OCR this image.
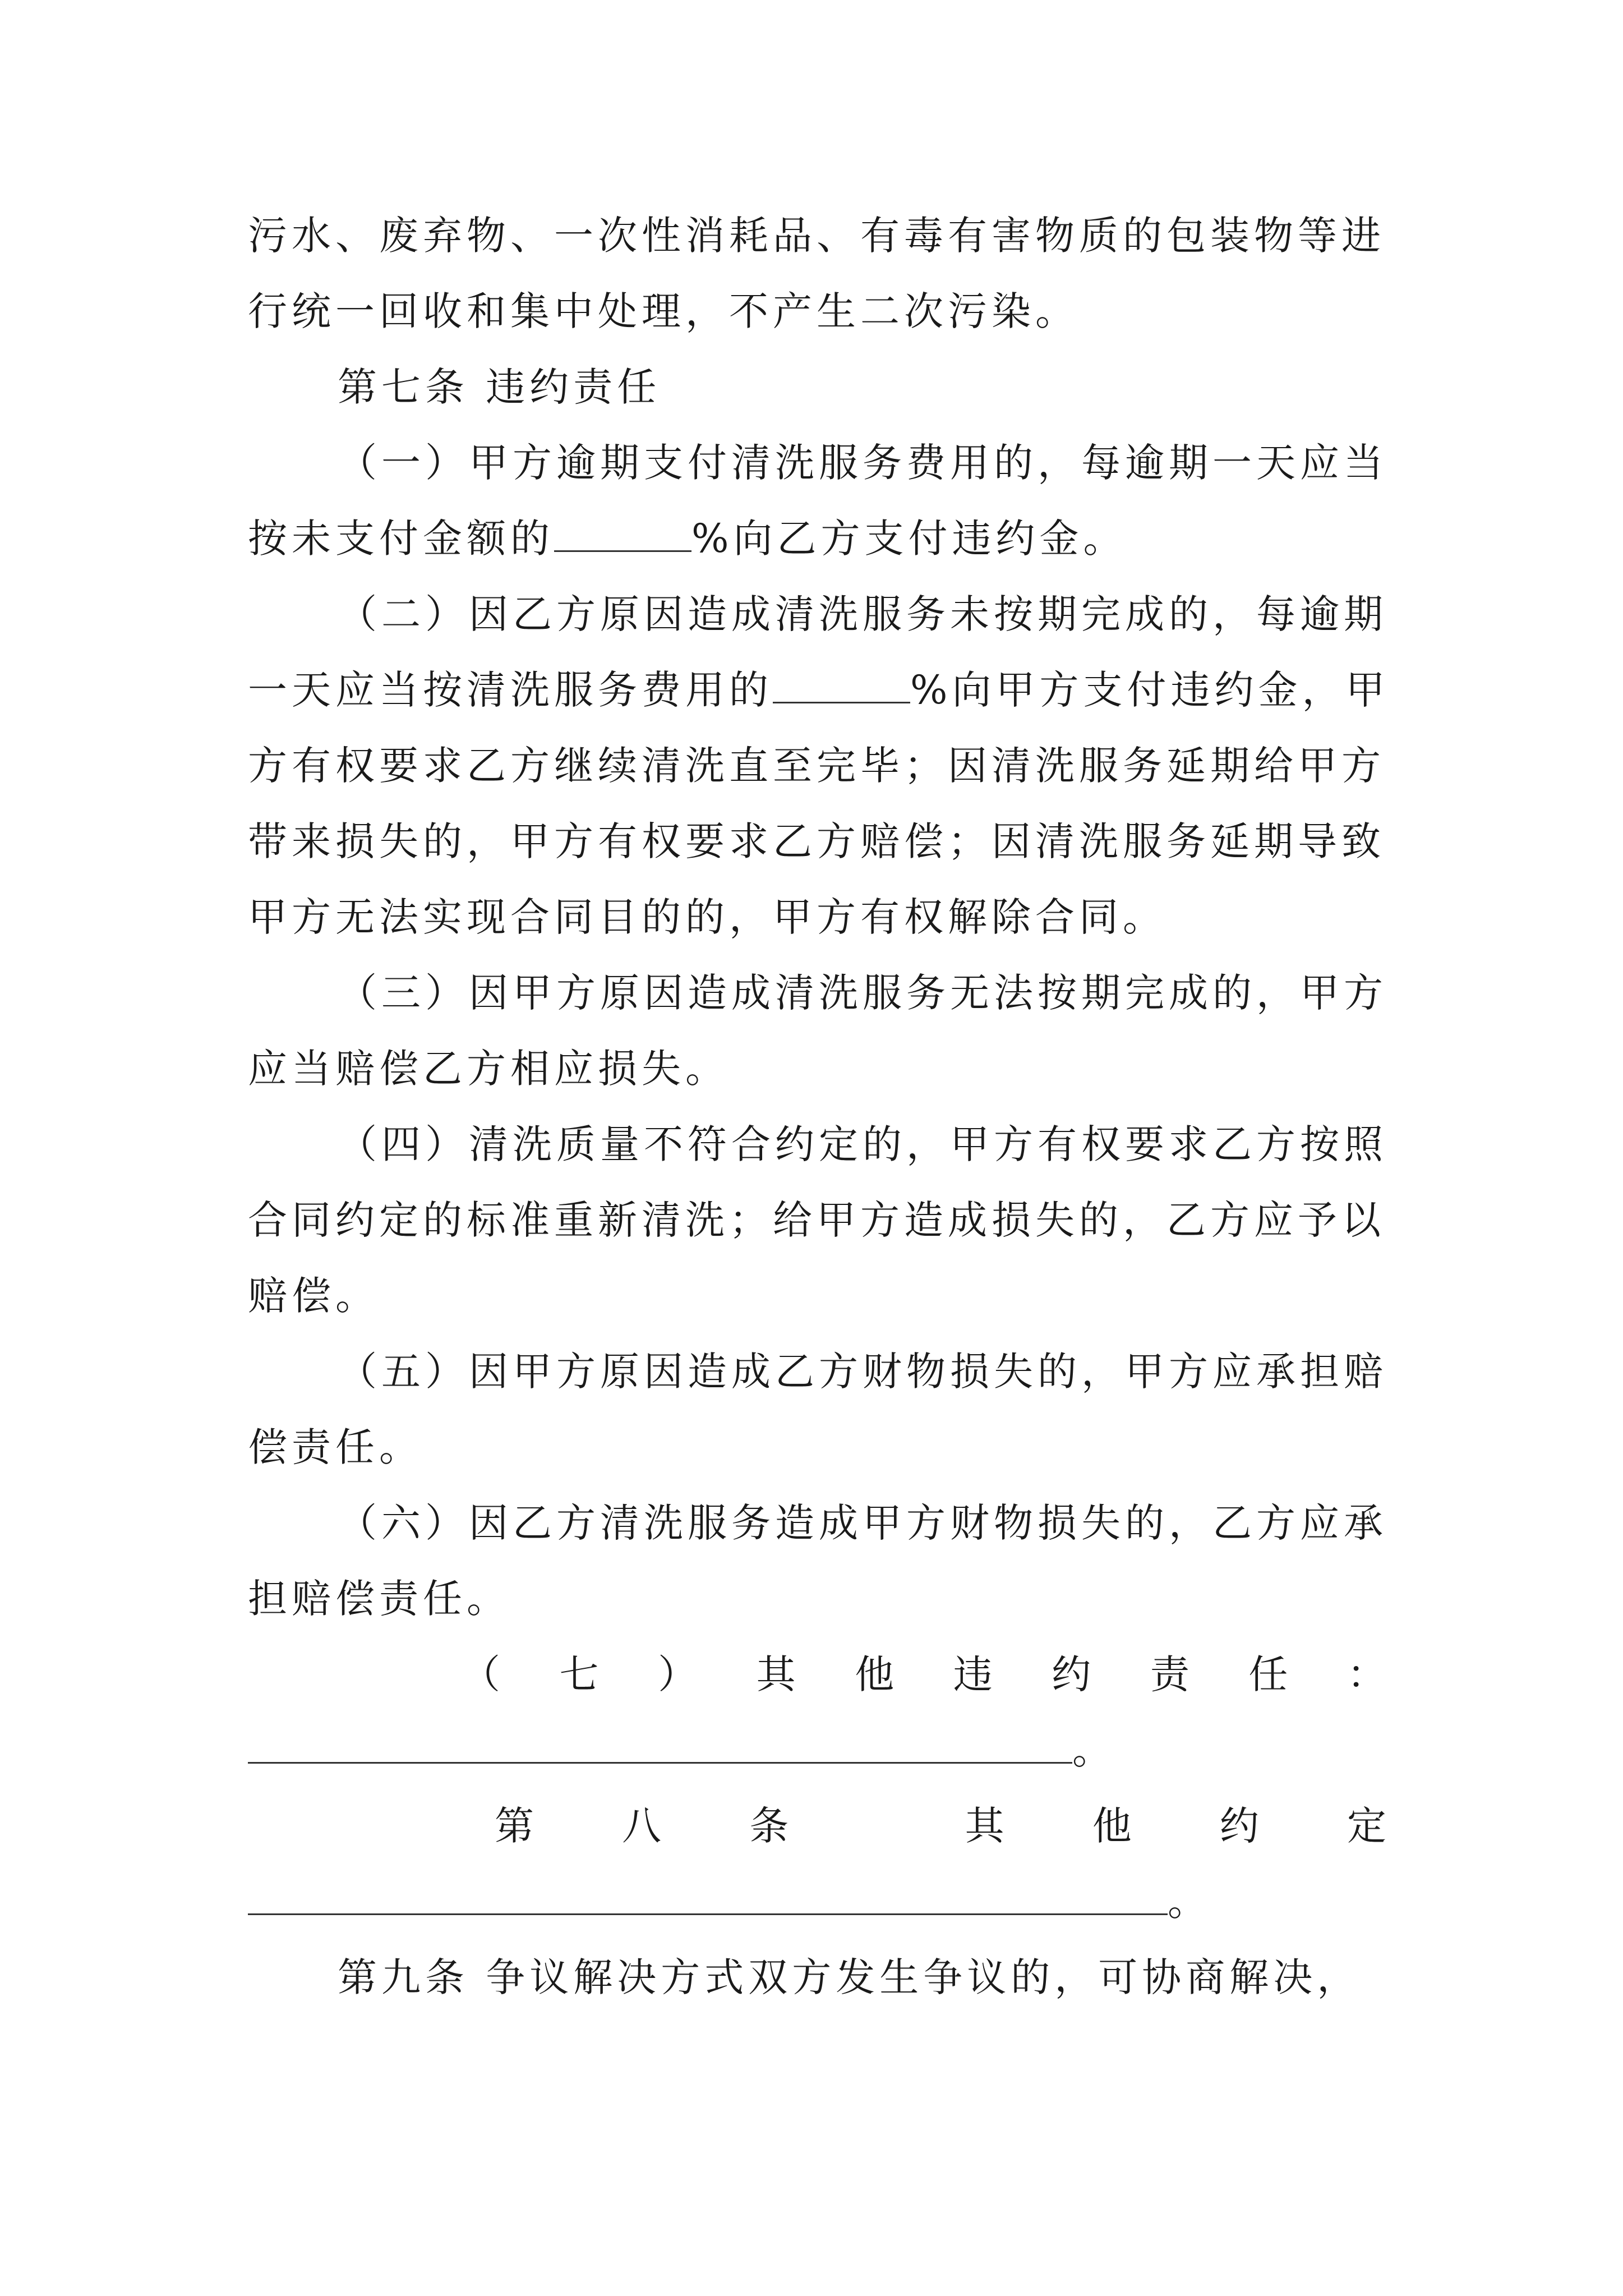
污水、废弃物、一次性消耗品、有毒有害物质的包装物等进
行统一回收和集中处理，不产生二次污染。
第七条 违约责任
（一）甲方逾期支付清洗服务费用的，每逾期一天应当
按未支付金额的	%向乙方支付违约金。
（二）因乙方原因造成清洗服务未按期完成的，每逾期
一天应当按清洗服务费用的	%向甲方支付违约金，甲
方有权要求乙方继续清洗直至完毕；因清洗服务延期给甲方
带来损失的，甲方有权要求乙方赔偿；因清洗服务延期导致
甲方无法实现合同目的的，甲方有权解除合同。
（三）因甲方原因造成清洗服务无法按期完成的，甲方
应当赔偿乙方相应损失。
（四）清洗质量不符合约定的，甲方有权要求乙方按照
合同约定的标准重新清洗；给甲方造成损失的，乙方应予以
赔偿。
（五）因甲方原因造成乙方财物损失的，甲方应承担赔
偿责任。
（六）因乙方清洗服务造成甲方财物损失的，乙方应承
担赔偿责任。
（ 七 ） 其 他 违 约 责 任 ：
。
第 八 条	其 他 约 定
。
第九条 争议解决方式双方发生争议的，可协商解决，
